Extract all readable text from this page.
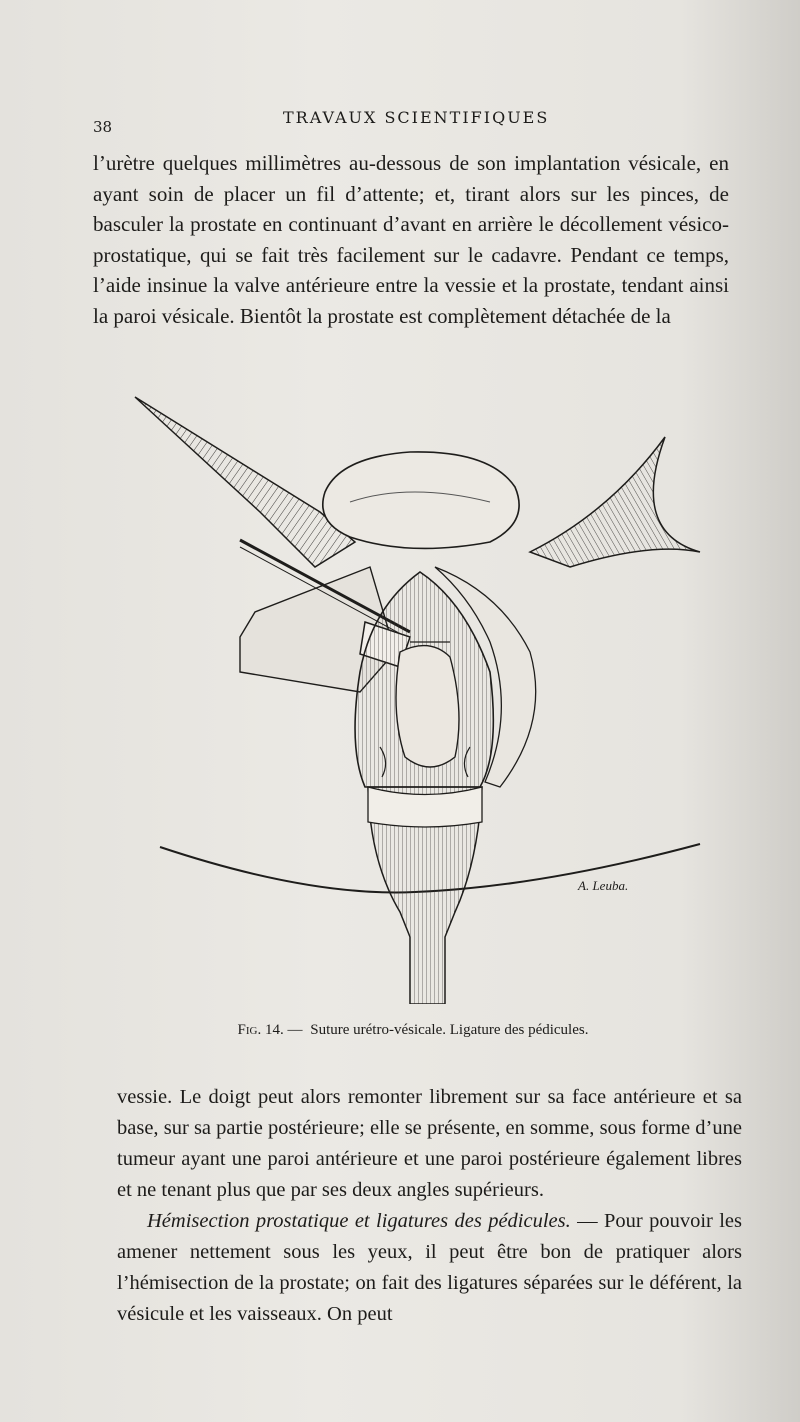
38	TRAVAUX SCIENTIFIQUES

l’urètre quelques millimètres au-dessous de son implantation vésicale, en ayant soin de placer un fil d’attente; et, tirant alors sur les pinces, de basculer la prostate en continuant d’avant en arrière le décollement vésico-prostatique, qui se fait très facilement sur le cadavre. Pendant ce temps, l’aide insinue la valve antérieure entre la vessie et la prostate, tendant ainsi la paroi vésicale. Bientôt la prostate est complètement détachée de la

A. Leuba.
Fig. 14. — Suture urétro-vésicale. Ligature des pédicules.

vessie. Le doigt peut alors remonter librement sur sa face antérieure et sa base, sur sa partie postérieure; elle se présente, en somme, sous forme d’une tumeur ayant une paroi antérieure et une paroi postérieure également libres et ne tenant plus que par ses deux angles supérieurs.

Hémisection prostatique et ligatures des pédicules. — Pour pouvoir les amener nettement sous les yeux, il peut être bon de pratiquer alors l’hémisection de la prostate; on fait des ligatures séparées sur le déférent, la vésicule et les vaisseaux. On peut
